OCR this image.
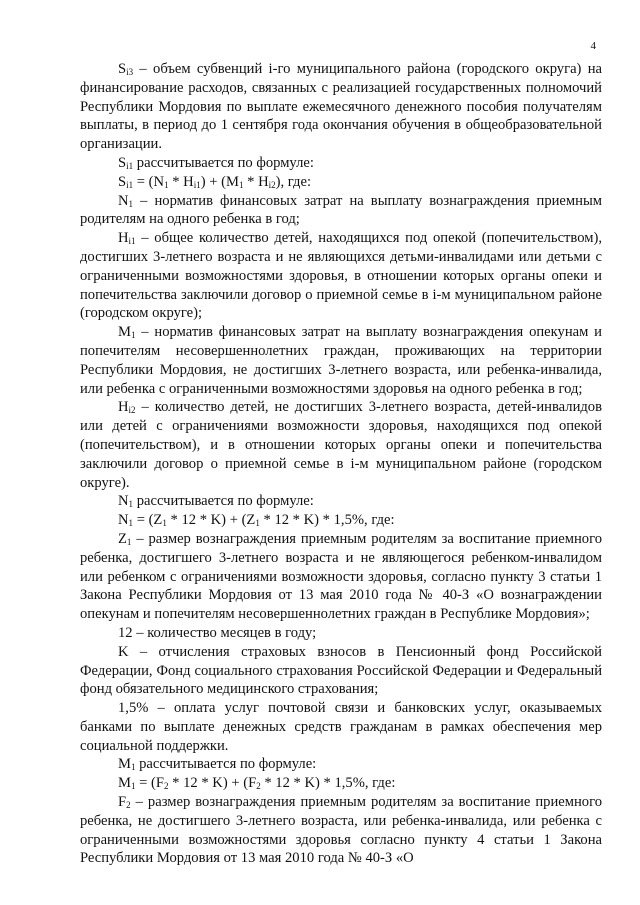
4

$S_{i3}$ – объем субвенций i-го муниципального района (городского округа) на финансирование расходов, связанных с реализацией государственных полномочий Республики Мордовия по выплате ежемесячного денежного пособия получателям выплаты, в период до 1 сентября года окончания обучения в общеобразовательной организации.

$S_{i1}$ рассчитывается по формуле:

$S_{i1} = (N_1 * H_{i1}) + (M_1 * H_{i2})$, где:

$N_1$ – норматив финансовых затрат на выплату вознаграждения приемным родителям на одного ребенка в год;

$H_{i1}$ – общее количество детей, находящихся под опекой (попечительством), достигших 3-летнего возраста и не являющихся детьми-инвалидами или детьми с ограниченными возможностями здоровья, в отношении которых органы опеки и попечительства заключили договор о приемной семье в i-м муниципальном районе (городском округе);

$M_1$ – норматив финансовых затрат на выплату вознаграждения опекунам и попечителям несовершеннолетних граждан, проживающих на территории Республики Мордовия, не достигших 3-летнего возраста, или ребенка-инвалида, или ребенка с ограниченными возможностями здоровья на одного ребенка в год;

$H_{i2}$ – количество детей, не достигших 3-летнего возраста, детей-инвалидов или детей с ограничениями возможности здоровья, находящихся под опекой (попечительством), и в отношении которых органы опеки и попечительства заключили договор о приемной семье в i-м муниципальном районе (городском округе).

$N_1$ рассчитывается по формуле:

$N_1 = (Z_1 * 12 * K) + (Z_1 * 12 * K) * 1,5\%$, где:

$Z_1$ – размер вознаграждения приемным родителям за воспитание приемного ребенка, достигшего 3-летнего возраста и не являющегося ребенком-инвалидом или ребенком с ограничениями возможности здоровья, согласно пункту 3 статьи 1 Закона Республики Мордовия от 13 мая 2010 года № 40-З «О вознаграждении опекунам и попечителям несовершеннолетних граждан в Республике Мордовия»;

12 – количество месяцев в году;

K – отчисления страховых взносов в Пенсионный фонд Российской Федерации, Фонд социального страхования Российской Федерации и Федеральный фонд обязательного медицинского страхования;

1,5% – оплата услуг почтовой связи и банковских услуг, оказываемых банками по выплате денежных средств гражданам в рамках обеспечения мер социальной поддержки.

$M_1$ рассчитывается по формуле:

$M_1 = (F_2 * 12 * K) + (F_2 * 12 * K) * 1,5\%$, где:

$F_2$ – размер вознаграждения приемным родителям за воспитание приемного ребенка, не достигшего 3-летнего возраста, или ребенка-инвалида, или ребенка с ограниченными возможностями здоровья согласно пункту 4 статьи 1 Закона Республики Мордовия от 13 мая 2010 года № 40-З «О
